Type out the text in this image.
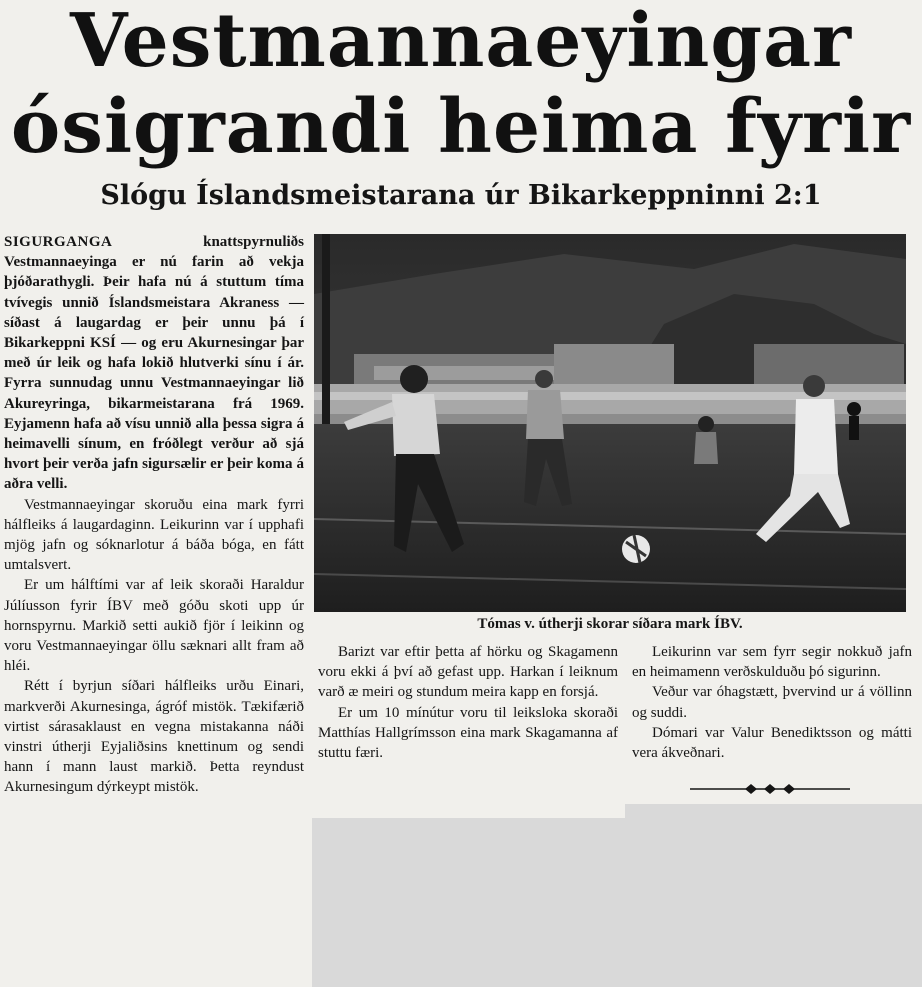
Vestmannaeyingar
ósigrandi heima fyrir
Slógu Íslandsmeistarana úr Bikarkeppninni 2:1

SIGURGANGA knattspyrnuliðs Vestmannaeyinga er nú farin að vekja þjóðarathygli. Þeir hafa nú á stuttum tíma tvívegis unnið Íslandsmeistara Akraness — síðast á laugardag er þeir unnu þá í Bikarkeppni KSÍ — og eru Akurnesingar þar með úr leik og hafa lokið hlutverki sínu í ár. Fyrra sunnudag unnu Vestmannaeyingar lið Akureyringa, bikarmeistarana frá 1969. Eyjamenn hafa að vísu unnið alla þessa sigra á heimavelli sínum, en fróðlegt verður að sjá hvort þeir verða jafn sigursælir er þeir koma á aðra velli.

Vestmannaeyingar skoruðu eina mark fyrri hálfleiks á laugardaginn. Leikurinn var í upphafi mjög jafn og sóknarlotur á báða bóga, en fátt umtalsvert.

Er um hálftími var af leik skoraði Haraldur Júlíusson fyrir ÍBV með góðu skoti upp úr hornspyrnu. Markið setti aukið fjör í leikinn og voru Vestmannaeyingar öllu sæknari allt fram að hléi.

Rétt í byrjun síðari hálfleiks urðu Einari, markverði Akurnesinga, ágróf mistök. Tækifærið virtist sárasaklaust en vegna mistakanna náði vinstri útherji Eyjaliðsins knettinum og sendi hann í mann laust markið. Þetta reyndust Akurnesingum dýrkeypt mistök.

Tómas v. útherji skorar síðara mark ÍBV.

Barizt var eftir þetta af hörku og Skagamenn voru ekki á því að gefast upp. Harkan í leiknum varð æ meiri og stundum meira kapp en forsjá.

Er um 10 mínútur voru til leiksloka skoraði Matthías Hallgrímsson eina mark Skagamanna af stuttu færi.

Leikurinn var sem fyrr segir nokkuð jafn en heimamenn verðskulduðu þó sigurinn.

Veður var óhagstætt, þvervind ur á völlinn og suddi.

Dómari var Valur Benediktsson og mátti vera ákveðnari.
